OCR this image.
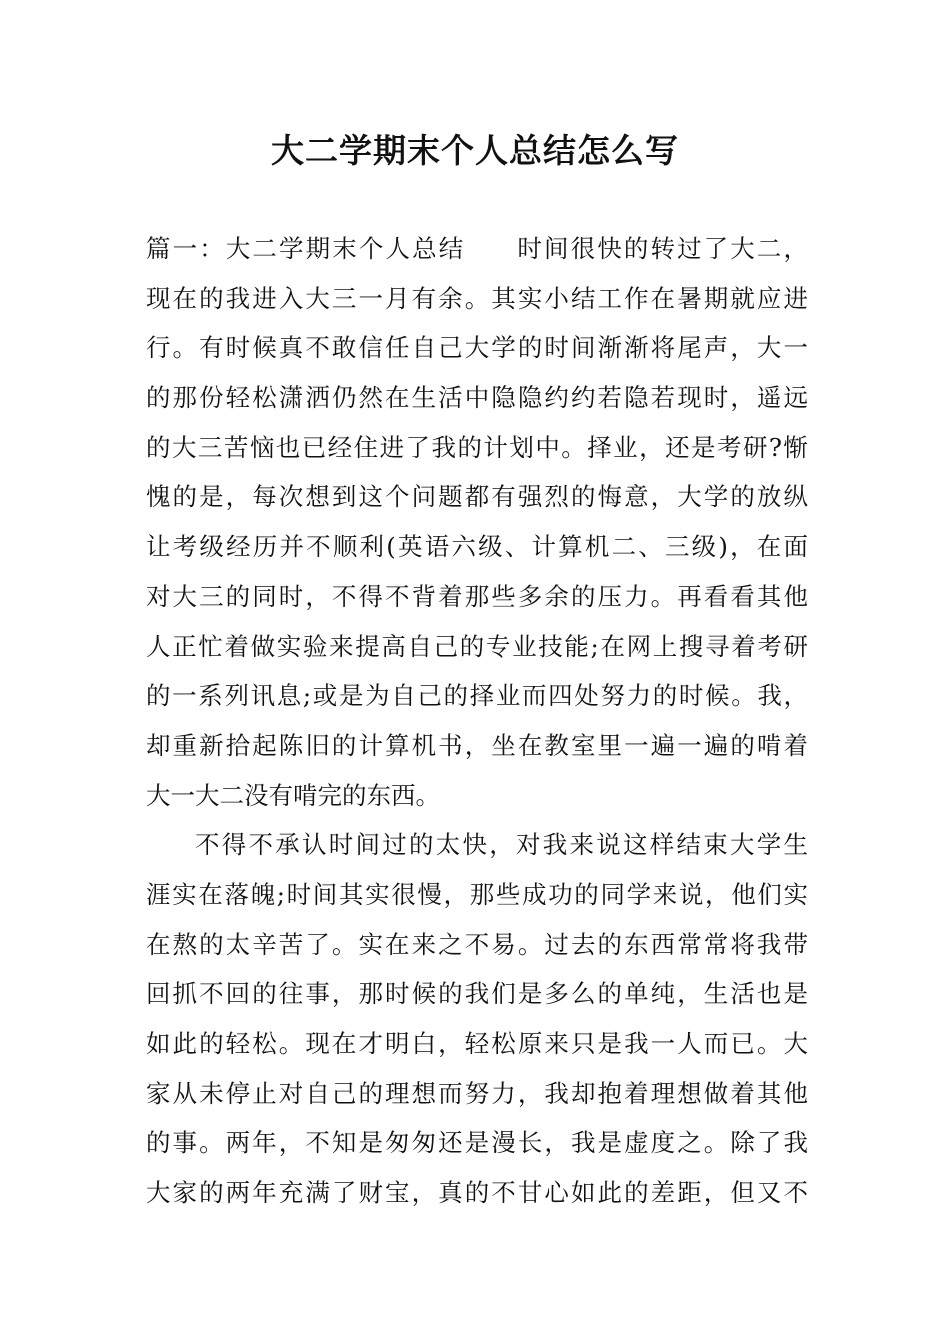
大二学期末个人总结怎么写
篇一：大二学期末个人总结 时间很快的转过了大二，
现在的我进入大三一月有余。其实小结工作在暑期就应进
行。有时候真不敢信任自己大学的时间渐渐将尾声，大一
的那份轻松潇洒仍然在生活中隐隐约约若隐若现时，遥远
的大三苦恼也已经住进了我的计划中。择业，还是考研?惭
愧的是，每次想到这个问题都有强烈的悔意，大学的放纵
让考级经历并不顺利(英语六级、计算机二、三级)，在面
对大三的同时，不得不背着那些多余的压力。再看看其他
人正忙着做实验来提高自己的专业技能;在网上搜寻着考研
的一系列讯息;或是为自己的择业而四处努力的时候。我，
却重新拾起陈旧的计算机书，坐在教室里一遍一遍的啃着
大一大二没有啃完的东西。
不得不承认时间过的太快，对我来说这样结束大学生
涯实在落魄;时间其实很慢，那些成功的同学来说，他们实
在熬的太辛苦了。实在来之不易。过去的东西常常将我带
回抓不回的往事，那时候的我们是多么的单纯，生活也是
如此的轻松。现在才明白，轻松原来只是我一人而已。大
家从未停止对自己的理想而努力，我却抱着理想做着其他
的事。两年，不知是匆匆还是漫长，我是虚度之。除了我
大家的两年充满了财宝，真的不甘心如此的差距，但又不
